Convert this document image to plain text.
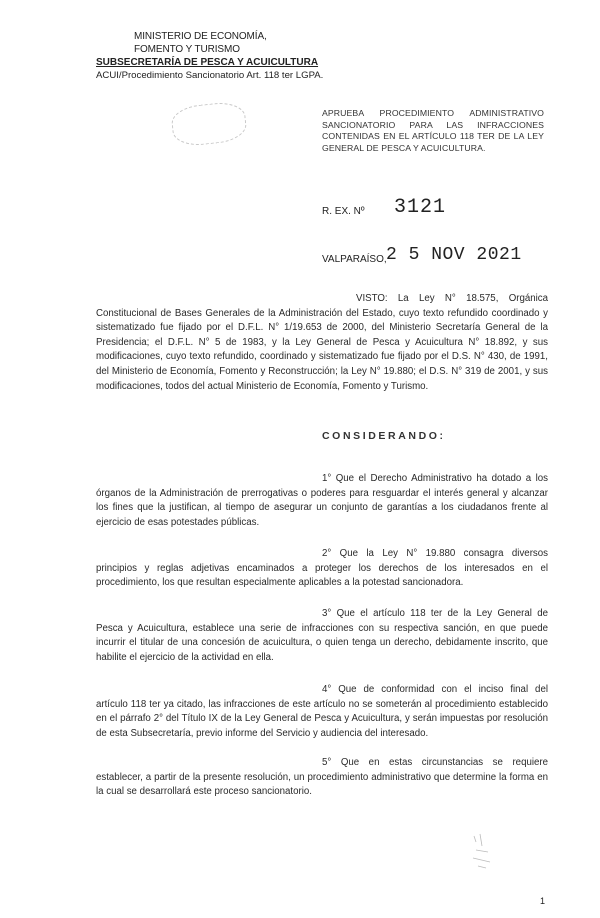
MINISTERIO DE ECONOMÍA,
FOMENTO Y TURISMO
SUBSECRETARÍA DE PESCA Y ACUICULTURA
ACUI/Procedimiento Sancionatorio Art. 118 ter LGPA.
APRUEBA PROCEDIMIENTO ADMINISTRATIVO SANCIONATORIO PARA LAS INFRACCIONES CONTENIDAS EN EL ARTÍCULO 118 TER DE LA LEY GENERAL DE PESCA Y ACUICULTURA.
R. EX. Nº 3121
VALPARAÍSO, 2 5 NOV 2021
VISTO: La Ley N° 18.575, Orgánica Constitucional de Bases Generales de la Administración del Estado, cuyo texto refundido coordinado y sistematizado fue fijado por el D.F.L. N° 1/19.653 de 2000, del Ministerio Secretaría General de la Presidencia; el D.F.L. N° 5 de 1983, y la Ley General de Pesca y Acuicultura N° 18.892, y sus modificaciones, cuyo texto refundido, coordinado y sistematizado fue fijado por el D.S. N° 430, de 1991, del Ministerio de Economía, Fomento y Reconstrucción; la Ley N° 19.880; el D.S. N° 319 de 2001, y sus modificaciones, todos del actual Ministerio de Economía, Fomento y Turismo.
CONSIDERANDO:
1° Que el Derecho Administrativo ha dotado a los órganos de la Administración de prerrogativas o poderes para resguardar el interés general y alcanzar los fines que la justifican, al tiempo de asegurar un conjunto de garantías a los ciudadanos frente al ejercicio de esas potestades públicas.
2° Que la Ley N° 19.880 consagra diversos principios y reglas adjetivas encaminados a proteger los derechos de los interesados en el procedimiento, los que resultan especialmente aplicables a la potestad sancionadora.
3° Que el artículo 118 ter de la Ley General de Pesca y Acuicultura, establece una serie de infracciones con su respectiva sanción, en que puede incurrir el titular de una concesión de acuicultura, o quien tenga un derecho, debidamente inscrito, que habilite el ejercicio de la actividad en ella.
4° Que de conformidad con el inciso final del artículo 118 ter ya citado, las infracciones de este artículo no se someterán al procedimiento establecido en el párrafo 2° del Título IX de la Ley General de Pesca y Acuicultura, y serán impuestas por resolución de esta Subsecretaría, previo informe del Servicio y audiencia del interesado.
5° Que en estas circunstancias se requiere establecer, a partir de la presente resolución, un procedimiento administrativo que determine la forma en la cual se desarrollará este proceso sancionatorio.
1
